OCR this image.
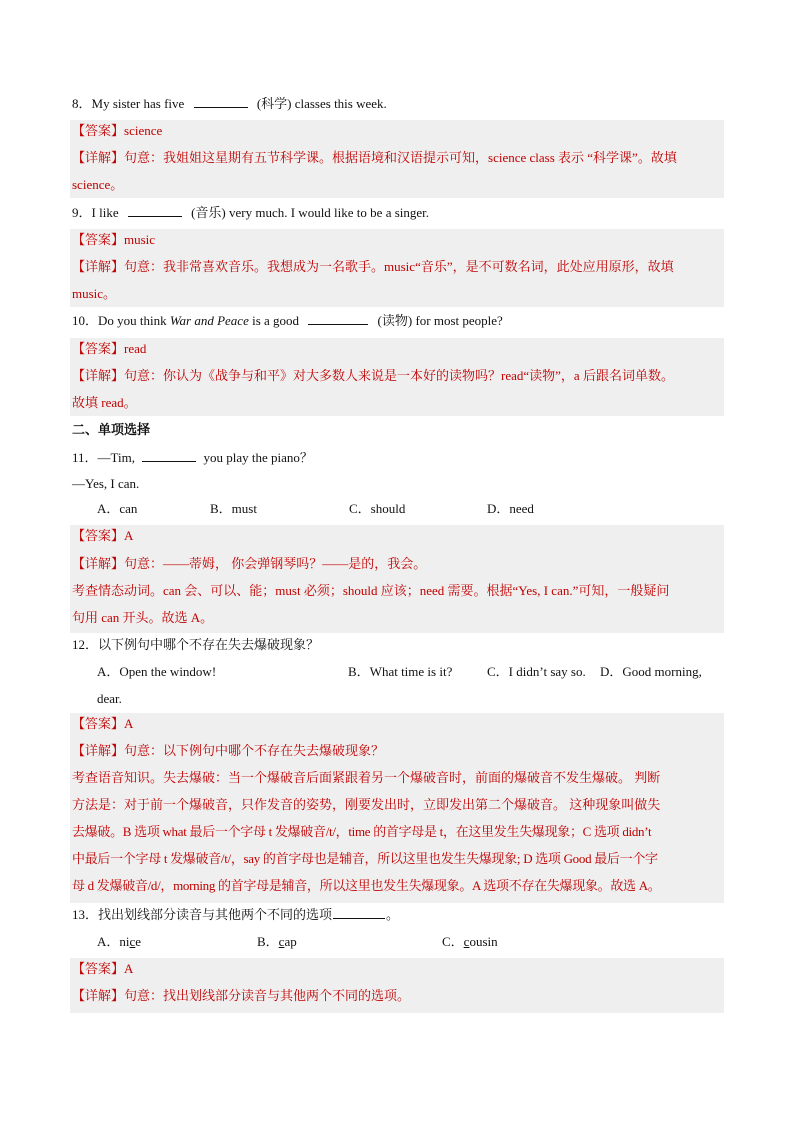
8．My sister has five	(科学) classes this week.
【答案】science
【详解】句意：我姐姐这星期有五节科学课。根据语境和汉语提示可知，science class 表示 “科学课”。故填
science。
9．I like	(音乐) very much. I would like to be a singer.
【答案】music
【详解】句意：我非常喜欢音乐。我想成为一名歌手。music“音乐”，是不可数名词，此处应用原形，故填
music。
10．Do you think War and Peace is a good	(读物) for most people?
【答案】read
【详解】句意：你认为《战争与和平》对大多数人来说是一本好的读物吗？read“读物”，a 后跟名词单数。
故填 read。
二、单项选择
11．—Tim,	you play the piano？
—Yes, I can.
A．can	B．must	C．should	D．need
【答案】A
【详解】句意：——蒂姆， 你会弹钢琴吗？——是的，我会。
考查情态动词。can 会、可以、能；must 必须；should 应该；need 需要。根据“Yes, I can.”可知，一般疑问
句用 can 开头。故选 A。
12．以下例句中哪个不存在失去爆破现象？
A．Open the window!	B．What time is it?	C．I didn’t say so. D．Good morning,
dear.
【答案】A
【详解】句意：以下例句中哪个不存在失去爆破现象？
考查语音知识。失去爆破：当一个爆破音后面紧跟着另一个爆破音时，前面的爆破音不发生爆破。 判断
方法是：对于前一个爆破音，只作发音的姿势，刚要发出时，立即发出第二个爆破音。 这种现象叫做失
去爆破。B 选项 what 最后一个字母 t 发爆破音/t/，time 的首字母是 t，在这里发生失爆现象；C 选项 didn’t
中最后一个字母 t 发爆破音/t/，say 的首字母也是辅音，所以这里也发生失爆现象; D 选项 Good 最后一个字
母 d 发爆破音/d/，morning 的首字母是辅音，所以这里也发生失爆现象。A 选项不存在失爆现象。故选 A。
13．找出划线部分读音与其他两个不同的选项	。
A．nice	B．cap	C．cousin
【答案】A
【详解】句意：找出划线部分读音与其他两个不同的选项。
